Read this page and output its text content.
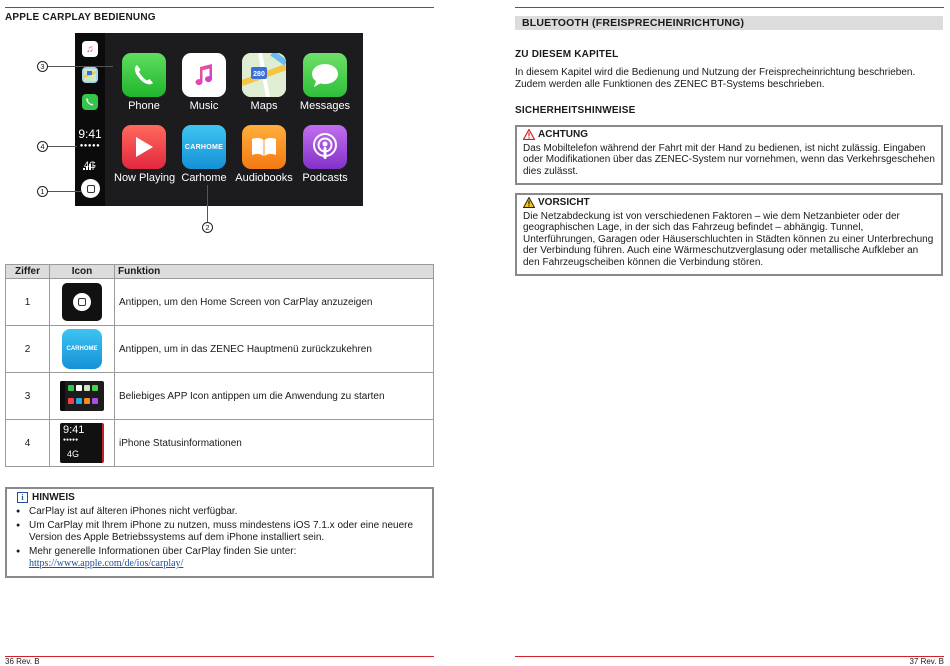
APPLE CARPLAY BEDIENUNG
♫
9:41
●●●●●
4G
Phone	Music
280
Maps	Messages
Now Playing
CARHOME
Carhome Audiobooks Podcasts
3
4
1
2
Ziffer	Icon	Funktion
1		Antippen, um den Home Screen von CarPlay anzuzeigen
2	CARHOME	Antippen, um in das ZENEC Hauptmenü zurückzukehren
3		Beliebiges APP Icon antippen um die Anwendung zu starten
4	9:41
●●●●●
4G	iPhone Statusinformationen
i HINWEIS
● CarPlay ist auf älteren iPhones nicht verfügbar.
● Um CarPlay mit Ihrem iPhone zu nutzen, muss mindestens iOS 7.1.x oder eine neuere Version des Apple Betriebssystems auf dem iPhone installiert sein.
● Mehr generelle Informationen über CarPlay finden Sie unter:
https://www.apple.com/de/ios/carplay/
BLUETOOTH (FREISPRECHEINRICHTUNG)
ZU DIESEM KAPITEL
In diesem Kapitel wird die Bedienung und Nutzung der Freisprecheinrichtung beschrieben. Zudem werden alle Funktionen des ZENEC BT-Systems beschrieben.
SICHERHEITSHINWEISE
ACHTUNG
Das Mobiltelefon während der Fahrt mit der Hand zu bedienen, ist nicht zulässig. Eingaben oder Modifikationen über das ZENEC-System nur vornehmen, wenn das Verkehrsgeschehen dies zulässt.
VORSICHT
Die Netzabdeckung ist von verschiedenen Faktoren – wie dem Netzanbieter oder der geographischen Lage, in der sich das Fahrzeug befindet – abhängig. Tunnel, Unterführungen, Garagen oder Häuserschluchten in Städten können zu einer Unterbrechung der Verbindung führen. Auch eine Wärmeschutzverglasung oder metallische Aufkleber an den Fahrzeugscheiben können die Verbindung stören.
36 Rev. B	37 Rev. B
